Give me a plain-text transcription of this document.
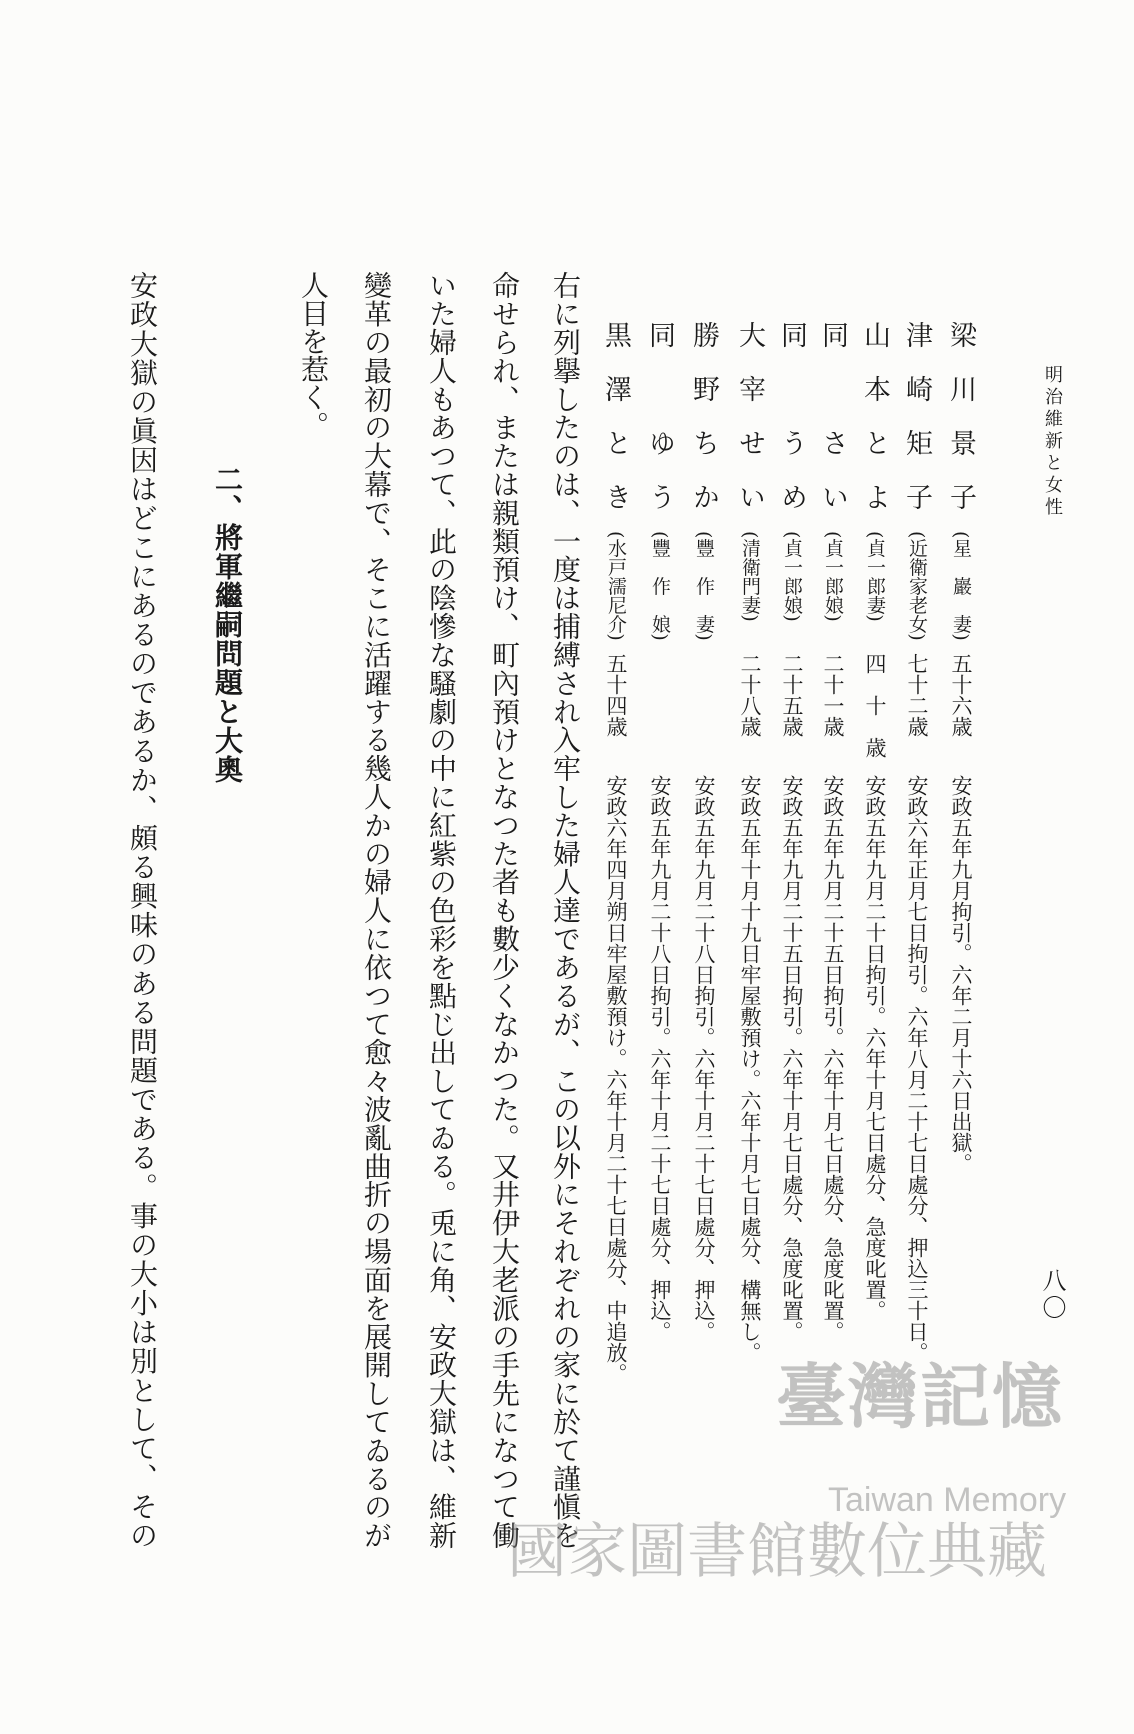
明治維新と女性
八〇
梁　川　景　子
(星　巖　妻)
五十六歳
安政五年九月拘引。六年二月十六日出獄。
津　崎　矩　子
(近衛家老女)
七十二歳
安政六年正月七日拘引。六年八月二十七日處分、押込三十日。
山　本　と　よ
(貞一郎妻)
四　十　歳
安政五年九月二十日拘引。六年十月七日處分、急度叱置。
同　　　さ　い
(貞一郎娘)
二十一歳
安政五年九月二十五日拘引。六年十月七日處分、急度叱置。
同　　　う　め
(貞一郎娘)
二十五歳
安政五年九月二十五日拘引。六年十月七日處分、急度叱置。
大　宰　せ　い
(清衛門妻)
二十八歳
安政五年十月十九日牢屋敷預け。六年十月七日處分、構無し。
勝　野　ち　か
(豐　作　妻)
安政五年九月二十八日拘引。六年十月二十七日處分、押込。
同　　　ゆ　う
(豐　作　娘)
安政五年九月二十八日拘引。六年十月二十七日處分、押込。
黒　澤　と　き
(水戸濡尼介)
五十四歳
安政六年四月朔日牢屋敷預け。六年十月二十七日處分、中追放。
右に列擧したのは、一度は捕縛され入牢した婦人達であるが、この以外にそれぞれの家に於て謹愼を
命せられ、または親類預け、町內預けとなつた者も數少くなかつた。又井伊大老派の手先になつて働
いた婦人もあつて、此の陰慘な騷劇の中に紅紫の色彩を點じ出してゐる。兎に角、安政大獄は、維新
變革の最初の大幕で、そこに活躍する幾人かの婦人に依つて愈々波亂曲折の場面を展開してゐるのが
人目を惹く。
二、將軍繼嗣問題と大奧
安政大獄の眞因はどこにあるのであるか、頗る興味のある問題である。事の大小は別として、その	臺灣記憶
Taiwan Memory
國家圖書館數位典藏
